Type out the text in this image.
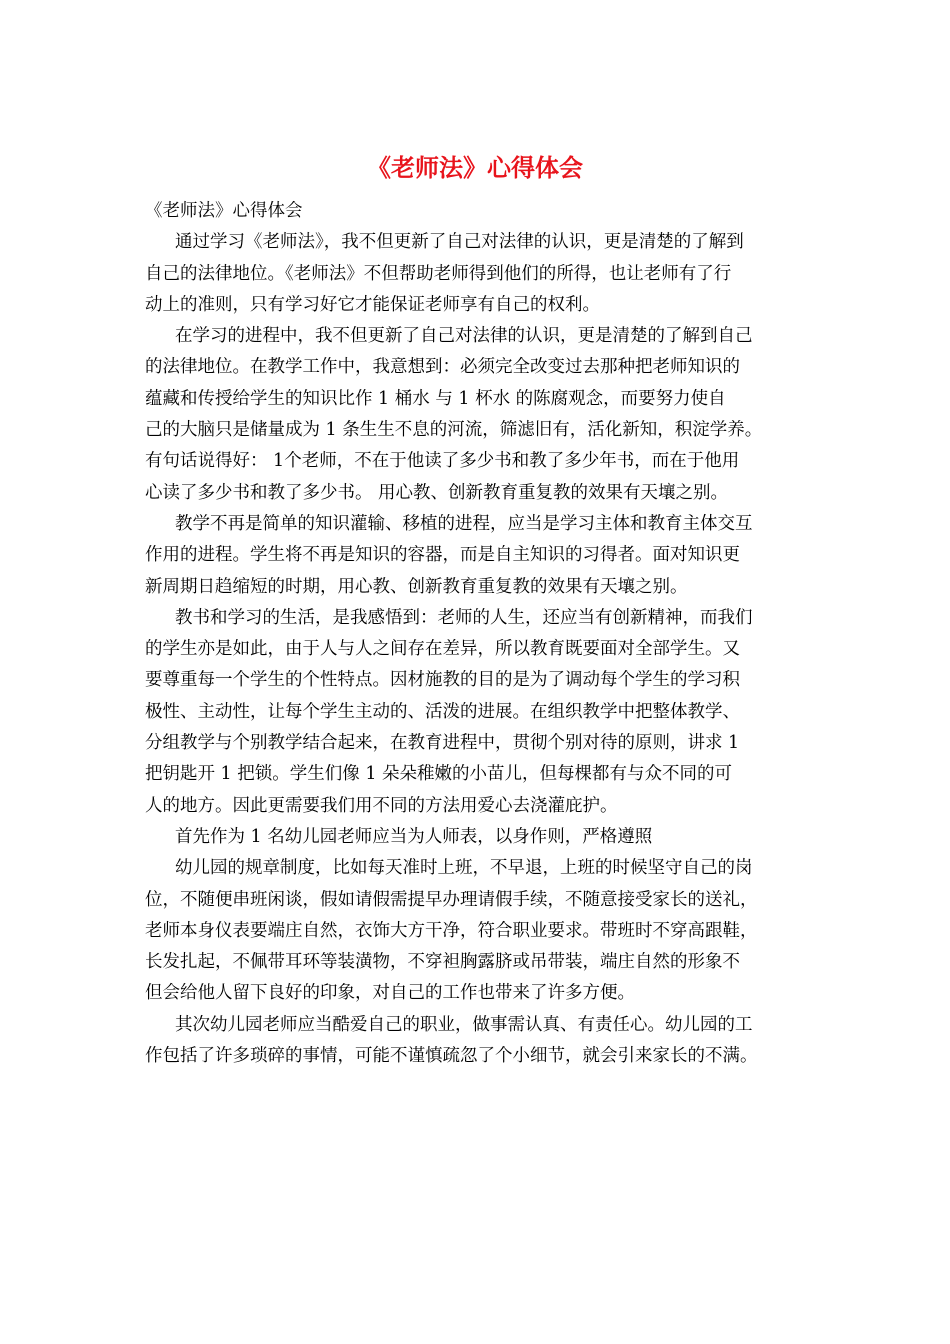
《老师法》心得体会

《老师法》心得体会

通过学习《老师法》，我不但更新了自己对法律的认识，更是清楚的了解到

自己的法律地位。《老师法》不但帮助老师得到他们的所得，也让老师有了行

动上的准则，只有学习好它才能保证老师享有自己的权利。

在学习的进程中，我不但更新了自己对法律的认识，更是清楚的了解到自己

的法律地位。在教学工作中，我意想到：必须完全改变过去那种把老师知识的

蕴藏和传授给学生的知识比作 1 桶水 与 1 杯水 的陈腐观念，而要努力使自

己的大脑只是储量成为 1 条生生不息的河流，筛滤旧有，活化新知，积淀学养。

有句话说得好： 1个老师，不在于他读了多少书和教了多少年书，而在于他用

心读了多少书和教了多少书。 用心教、创新教育重复教的效果有天壤之别。

教学不再是简单的知识灌输、移植的进程，应当是学习主体和教育主体交互

作用的进程。学生将不再是知识的容器，而是自主知识的习得者。面对知识更

新周期日趋缩短的时期，用心教、创新教育重复教的效果有天壤之别。

教书和学习的生活，是我感悟到：老师的人生，还应当有创新精神，而我们

的学生亦是如此，由于人与人之间存在差异，所以教育既要面对全部学生。又

要尊重每一个学生的个性特点。因材施教的目的是为了调动每个学生的学习积

极性、主动性，让每个学生主动的、活泼的进展。在组织教学中把整体教学、

分组教学与个别教学结合起来，在教育进程中，贯彻个别对待的原则，讲求 1

把钥匙开 1 把锁。学生们像 1 朵朵稚嫩的小苗儿，但每棵都有与众不同的可

人的地方。因此更需要我们用不同的方法用爱心去浇灌庇护。

首先作为 1 名幼儿园老师应当为人师表，以身作则，严格遵照

幼儿园的规章制度，比如每天准时上班，不早退，上班的时候坚守自己的岗

位，不随便串班闲谈，假如请假需提早办理请假手续，不随意接受家长的送礼，

老师本身仪表要端庄自然，衣饰大方干净，符合职业要求。带班时不穿高跟鞋，

长发扎起，不佩带耳环等装潢物，不穿袒胸露脐或吊带装，端庄自然的形象不

但会给他人留下良好的印象，对自己的工作也带来了许多方便。

其次幼儿园老师应当酷爱自己的职业，做事需认真、有责任心。幼儿园的工

作包括了许多琐碎的事情，可能不谨慎疏忽了个小细节，就会引来家长的不满。
